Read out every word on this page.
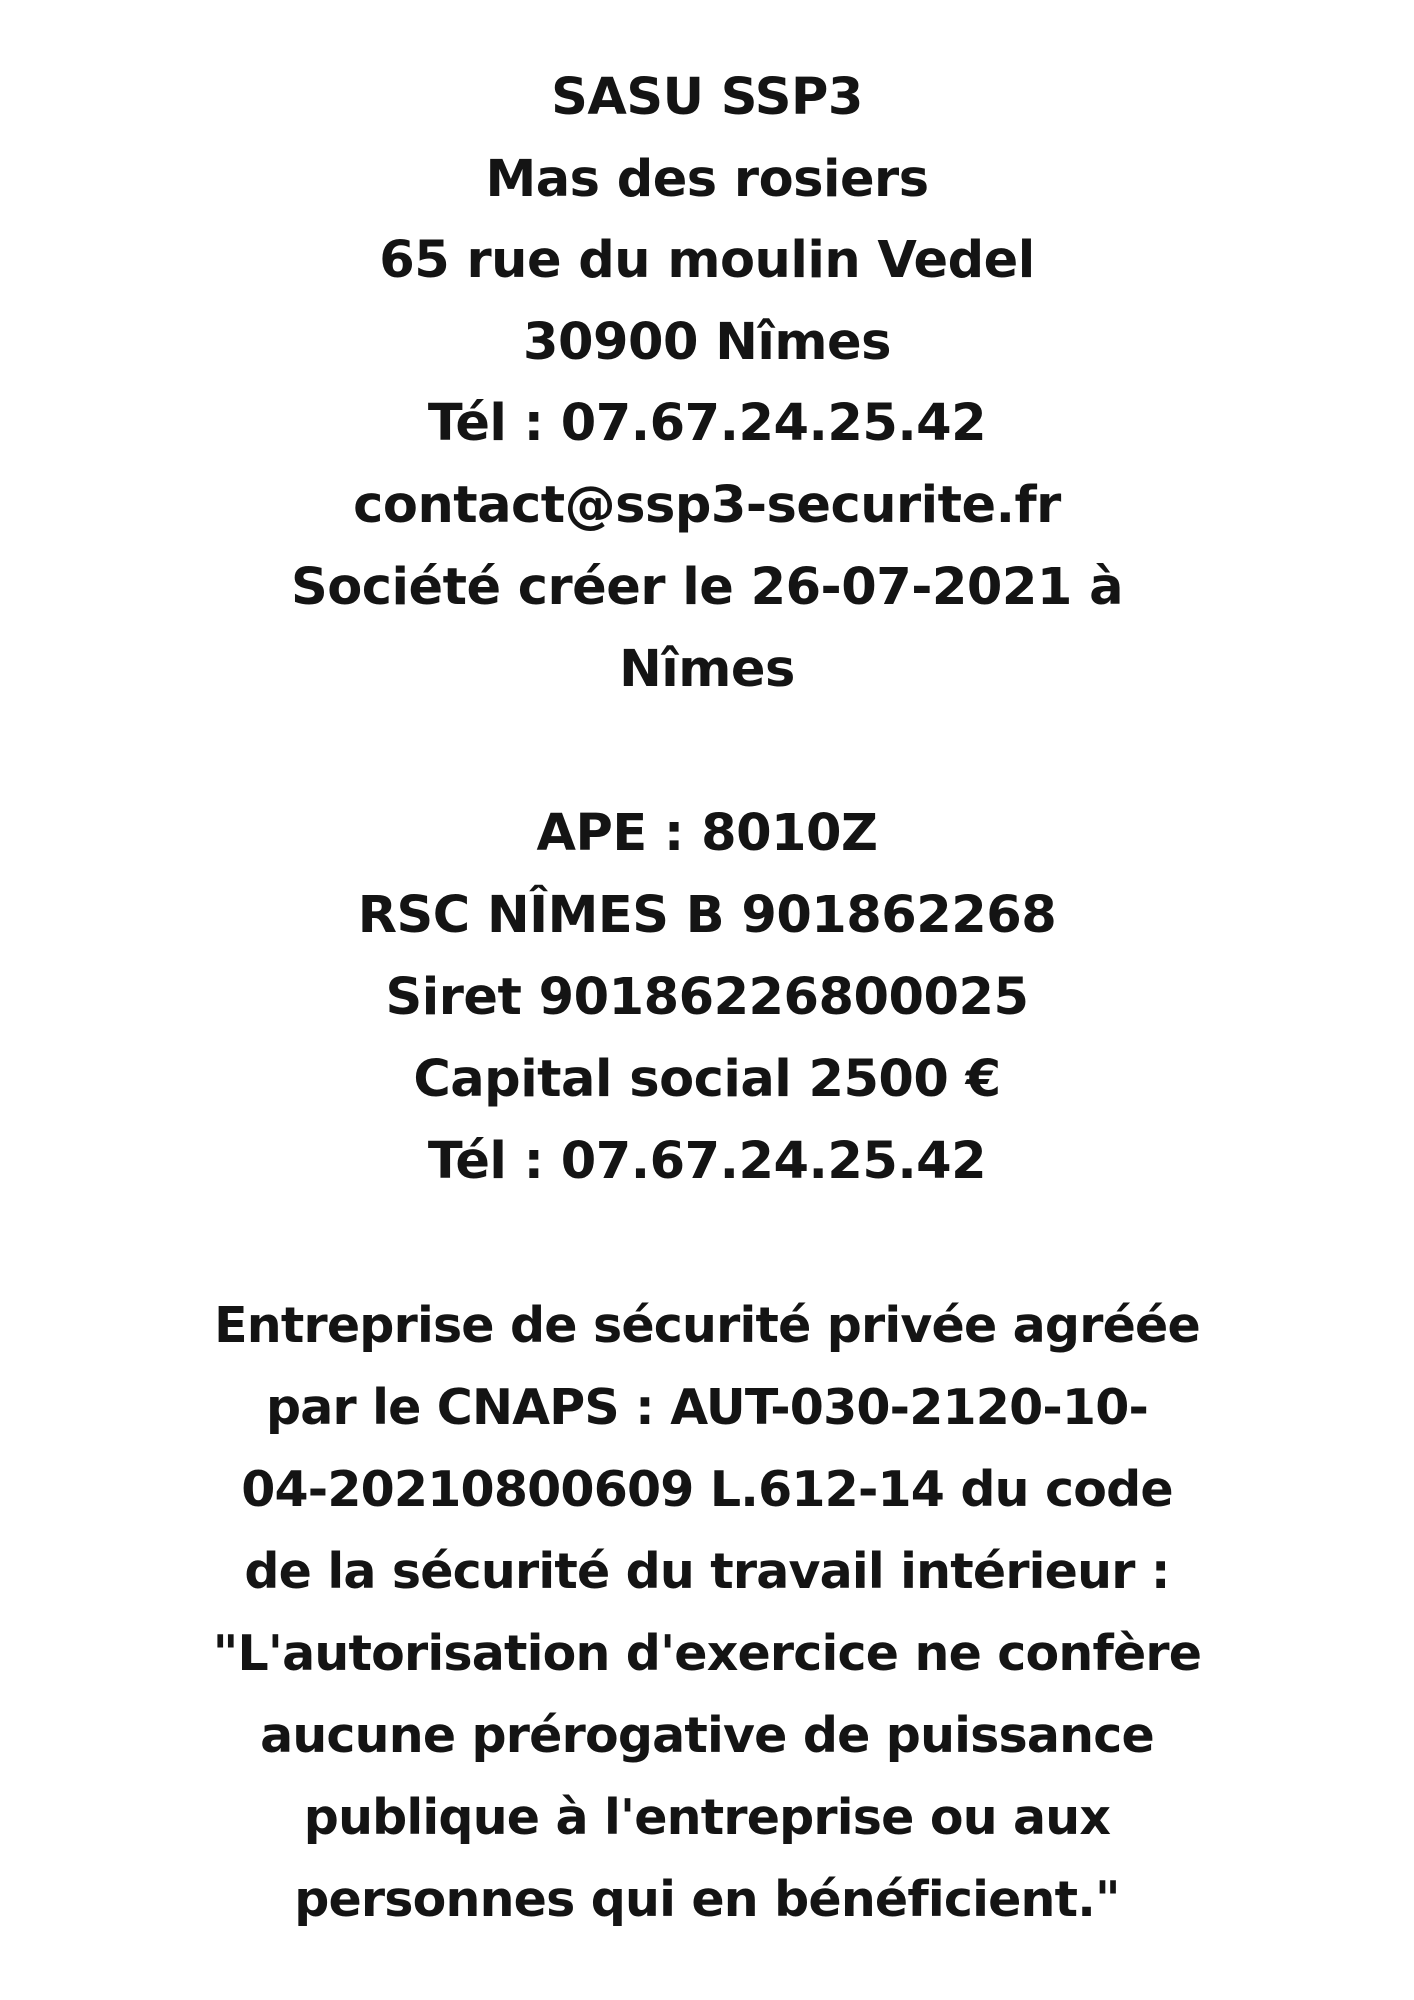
SASU SSP3
Mas des rosiers
65 rue du moulin Vedel
30900 Nîmes
Tél : 07.67.24.25.42
contact@ssp3-securite.fr
Société créer le 26-07-2021 à
Nîmes
APE : 8010Z
RSC NÎMES B 901862268
Siret 90186226800025
Capital social 2500 €
Tél : 07.67.24.25.42
Entreprise de sécurité privée agréée
par le CNAPS : AUT-030-2120-10-
04-20210800609 L.612-14 du code
de la sécurité du travail intérieur :
"L'autorisation d'exercice ne confère
aucune prérogative de puissance
publique à l'entreprise ou aux
personnes qui en bénéficient."
